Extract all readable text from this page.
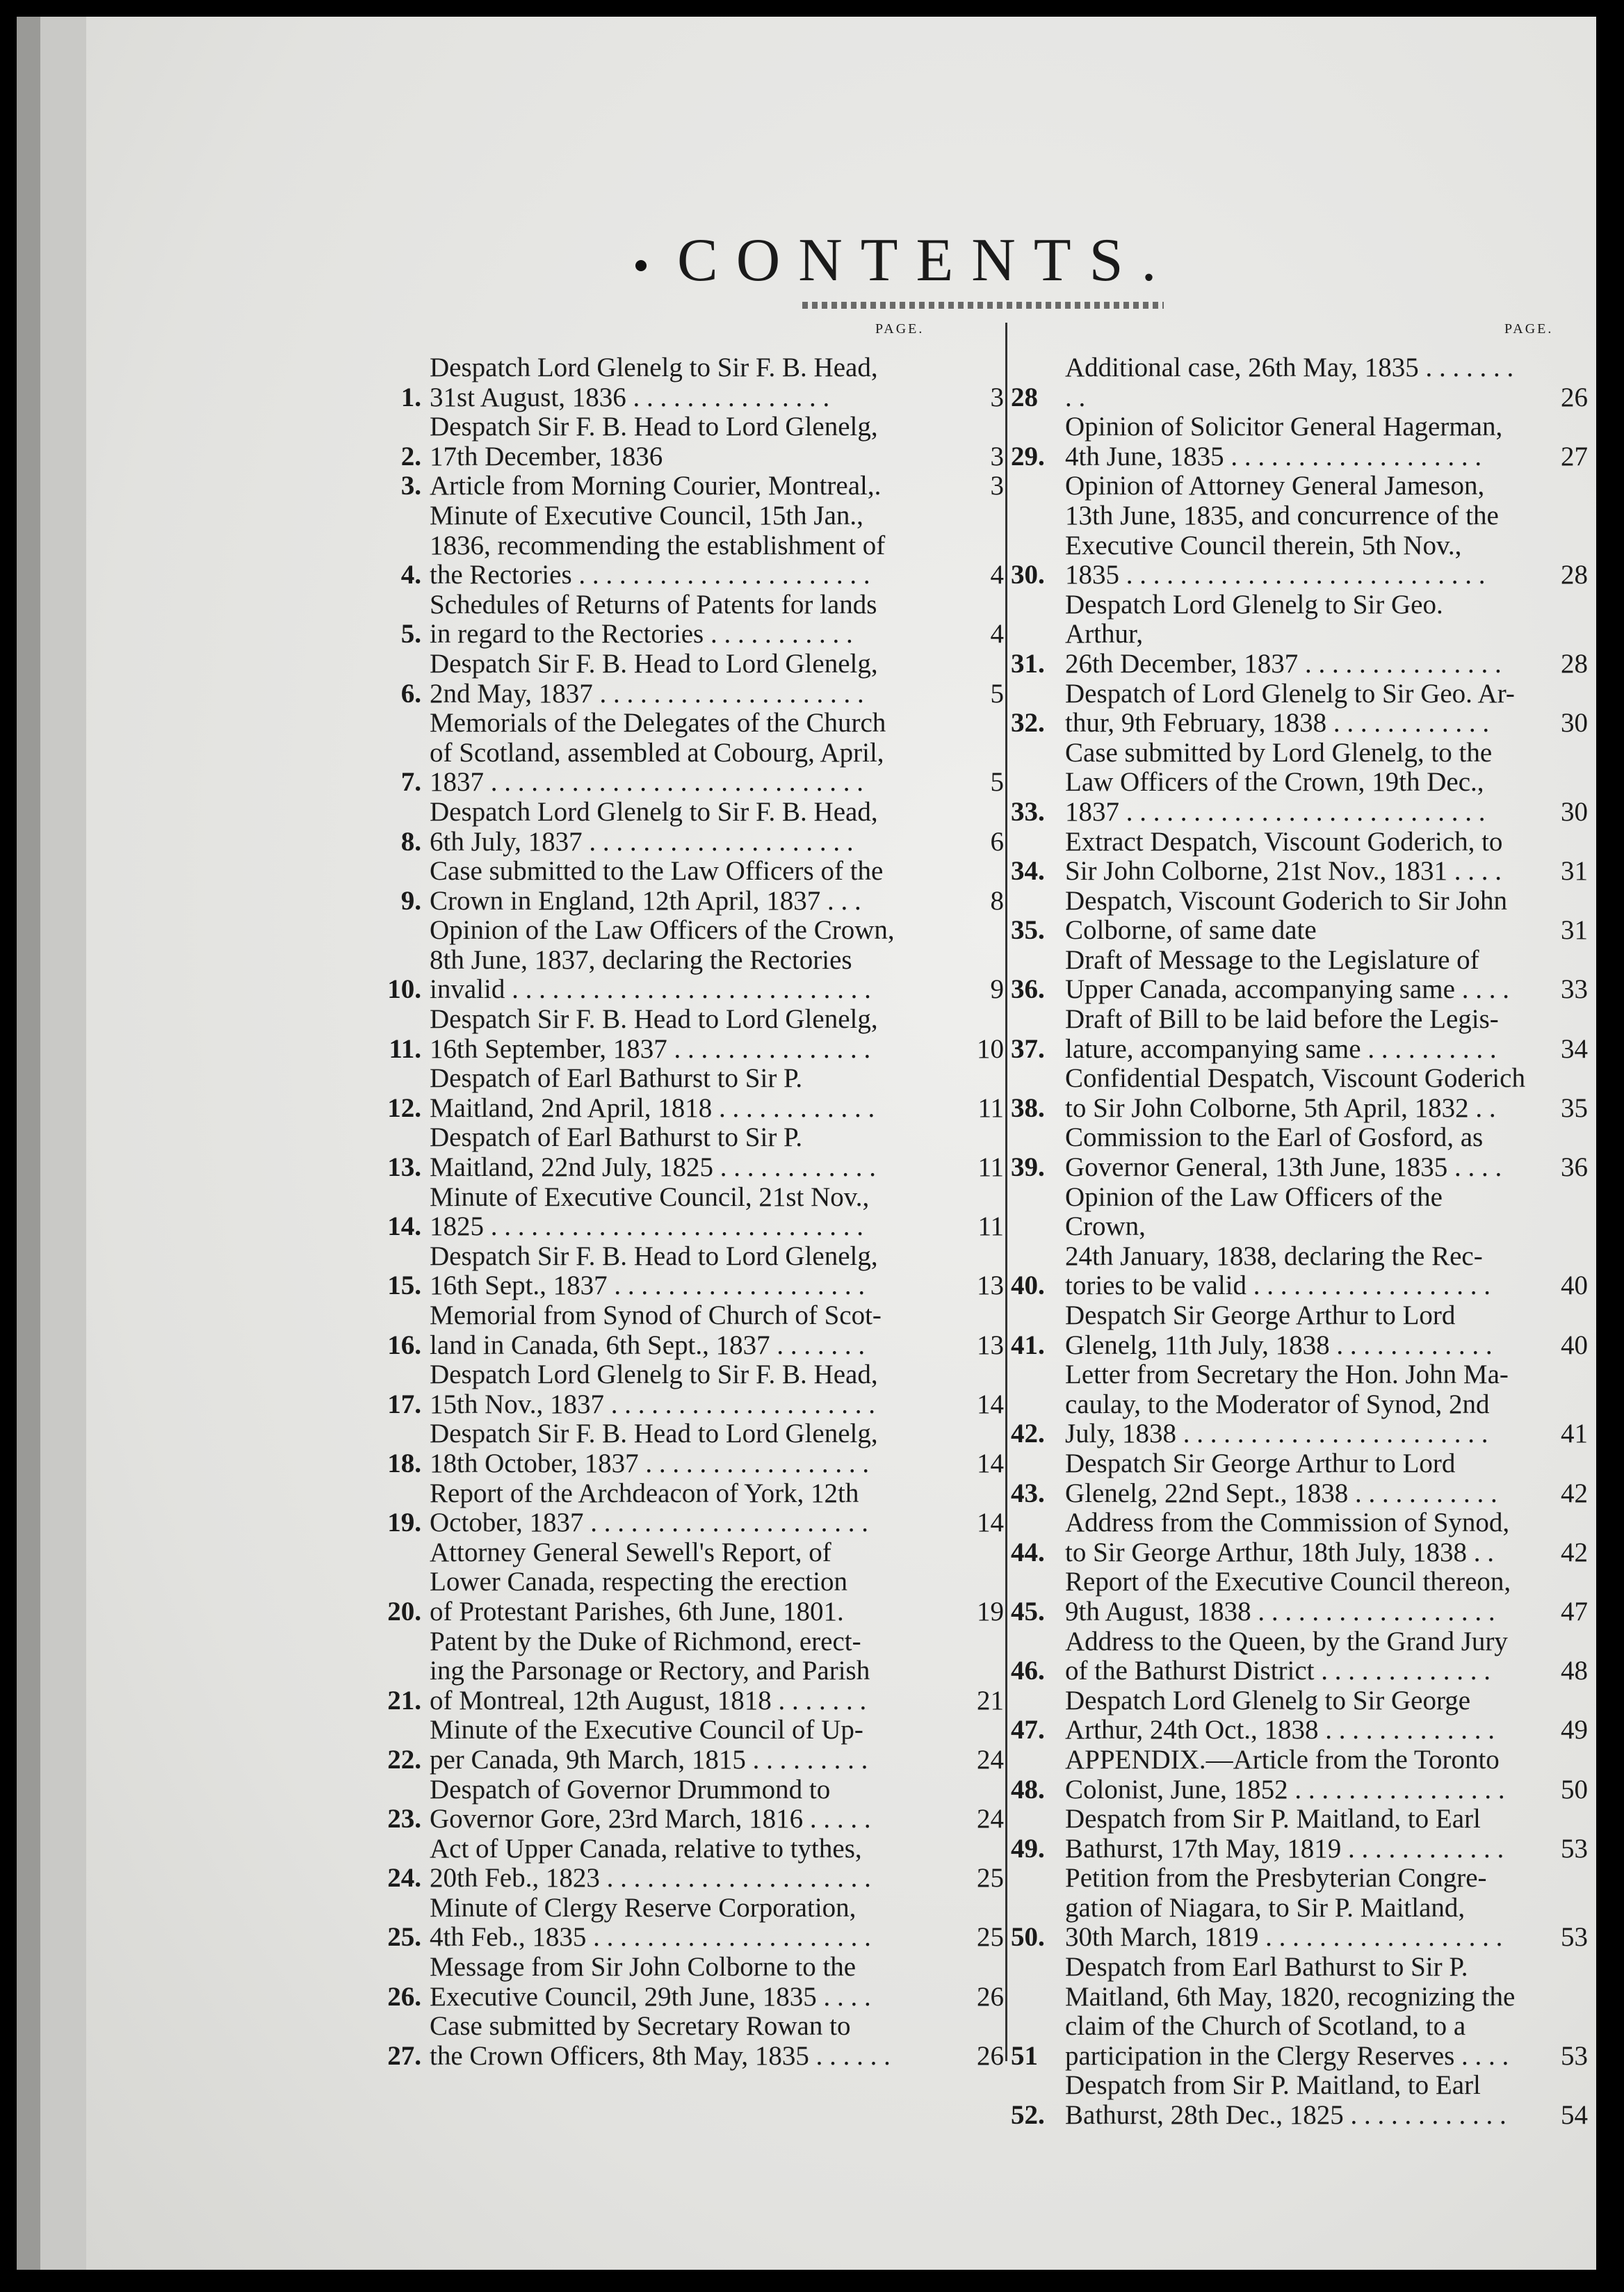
CONTENTS.
PAGE.	PAGE.
1.
Despatch Lord Glenelg to Sir F. B. Head,
31st August, 1836 . . . . . . . . . . . . . . .	3
2.
Despatch Sir F. B. Head to Lord Glenelg,
17th December, 1836	3
3. Article from Morning Courier, Montreal,.	3
4.
Minute of Executive Council, 15th Jan.,
1836, recommending the establishment of
the Rectories . . . . . . . . . . . . . . . . . . . . . .	4
5.
Schedules of Returns of Patents for lands
in regard to the Rectories . . . . . . . . . . .	4
6.
Despatch Sir F. B. Head to Lord Glenelg,
2nd May, 1837 . . . . . . . . . . . . . . . . . . . .	5
7.
Memorials of the Delegates of the Church
of Scotland, assembled at Cobourg, April,
1837 . . . . . . . . . . . . . . . . . . . . . . . . . . . .	5
8.
Despatch Lord Glenelg to Sir F. B. Head,
6th July, 1837 . . . . . . . . . . . . . . . . . . . .	6
9.
Case submitted to the Law Officers of the
Crown in England, 12th April, 1837 . . .	8
10.
Opinion of the Law Officers of the Crown,
8th June, 1837, declaring the Rectories
invalid . . . . . . . . . . . . . . . . . . . . . . . . . . .	9
11.
Despatch Sir F. B. Head to Lord Glenelg,
16th September, 1837 . . . . . . . . . . . . . . .	10
12.
Despatch of Earl Bathurst to Sir P.
Maitland, 2nd April, 1818 . . . . . . . . . . . .	11
13.
Despatch of Earl Bathurst to Sir P.
Maitland, 22nd July, 1825 . . . . . . . . . . . .	11
14.
Minute of Executive Council, 21st Nov.,
1825 . . . . . . . . . . . . . . . . . . . . . . . . . . . .	11
15.
Despatch Sir F. B. Head to Lord Glenelg,
16th Sept., 1837 . . . . . . . . . . . . . . . . . . .	13
16.
Memorial from Synod of Church of Scot-
land in Canada, 6th Sept., 1837 . . . . . . .	13
17.
Despatch Lord Glenelg to Sir F. B. Head,
15th Nov., 1837 . . . . . . . . . . . . . . . . . . . .	14
18.
Despatch Sir F. B. Head to Lord Glenelg,
18th October, 1837 . . . . . . . . . . . . . . . . .	14
19.
Report of the Archdeacon of York, 12th
October, 1837 . . . . . . . . . . . . . . . . . . . . .	14
20.
Attorney General Sewell's Report, of
Lower Canada, respecting the erection
of Protestant Parishes, 6th June, 1801.	19
21.
Patent by the Duke of Richmond, erect-
ing the Parsonage or Rectory, and Parish
of Montreal, 12th August, 1818 . . . . . . .	21
22.
Minute of the Executive Council of Up-
per Canada, 9th March, 1815 . . . . . . . . .	24
23.
Despatch of Governor Drummond to
Governor Gore, 23rd March, 1816 . . . . .	24
24.
Act of Upper Canada, relative to tythes,
20th Feb., 1823 . . . . . . . . . . . . . . . . . . . .	25
25.
Minute of Clergy Reserve Corporation,
4th Feb., 1835 . . . . . . . . . . . . . . . . . . . . .	25
26.
Message from Sir John Colborne to the
Executive Council, 29th June, 1835 . . . .	26
27.
Case submitted by Secretary Rowan to
the Crown Officers, 8th May, 1835 . . . . . .	26
28
Additional case, 26th May, 1835 . . . . . . . . .	26
29.
Opinion of Solicitor General Hagerman,
4th June, 1835 . . . . . . . . . . . . . . . . . . .	27
30.
Opinion of Attorney General Jameson,
13th June, 1835, and concurrence of the
Executive Council therein, 5th Nov.,
1835 . . . . . . . . . . . . . . . . . . . . . . . . . . .	28
31.
Despatch Lord Glenelg to Sir Geo. Arthur,
26th December, 1837 . . . . . . . . . . . . . . .	28
32.
Despatch of Lord Glenelg to Sir Geo. Ar-
thur, 9th February, 1838 . . . . . . . . . . . .	30
33.
Case submitted by Lord Glenelg, to the
Law Officers of the Crown, 19th Dec.,
1837 . . . . . . . . . . . . . . . . . . . . . . . . . . .	30
34.
Extract Despatch, Viscount Goderich, to
Sir John Colborne, 21st Nov., 1831 . . . .	31
35.
Despatch, Viscount Goderich to Sir John
Colborne, of same date	31
36.
Draft of Message to the Legislature of
Upper Canada, accompanying same . . . .	33
37.
Draft of Bill to be laid before the Legis-
lature, accompanying same . . . . . . . . . .	34
38.
Confidential Despatch, Viscount Goderich
to Sir John Colborne, 5th April, 1832 . .	35
39.
Commission to the Earl of Gosford, as
Governor General, 13th June, 1835 . . . .	36
40.
Opinion of the Law Officers of the Crown,
24th January, 1838, declaring the Rec-
tories to be valid . . . . . . . . . . . . . . . . . .	40
41.
Despatch Sir George Arthur to Lord
Glenelg, 11th July, 1838 . . . . . . . . . . . .	40
42.
Letter from Secretary the Hon. John Ma-
caulay, to the Moderator of Synod, 2nd
July, 1838 . . . . . . . . . . . . . . . . . . . . . . .	41
43.
Despatch Sir George Arthur to Lord
Glenelg, 22nd Sept., 1838 . . . . . . . . . . .	42
44.
Address from the Commission of Synod,
to Sir George Arthur, 18th July, 1838 . .	42
45.
Report of the Executive Council thereon,
9th August, 1838 . . . . . . . . . . . . . . . . . .	47
46.
Address to the Queen, by the Grand Jury
of the Bathurst District . . . . . . . . . . . . .	48
47.
Despatch Lord Glenelg to Sir George
Arthur, 24th Oct., 1838 . . . . . . . . . . . . .	49
48.
APPENDIX.—Article from the Toronto
Colonist, June, 1852 . . . . . . . . . . . . . . . .	50
49.
Despatch from Sir P. Maitland, to Earl
Bathurst, 17th May, 1819 . . . . . . . . . . . .	53
50.
Petition from the Presbyterian Congre-
gation of Niagara, to Sir P. Maitland,
30th March, 1819 . . . . . . . . . . . . . . . . . .	53
51
Despatch from Earl Bathurst to Sir P.
Maitland, 6th May, 1820, recognizing the
claim of the Church of Scotland, to a
participation in the Clergy Reserves . . . .	53
52.
Despatch from Sir P. Maitland, to Earl
Bathurst, 28th Dec., 1825 . . . . . . . . . . . .	54
